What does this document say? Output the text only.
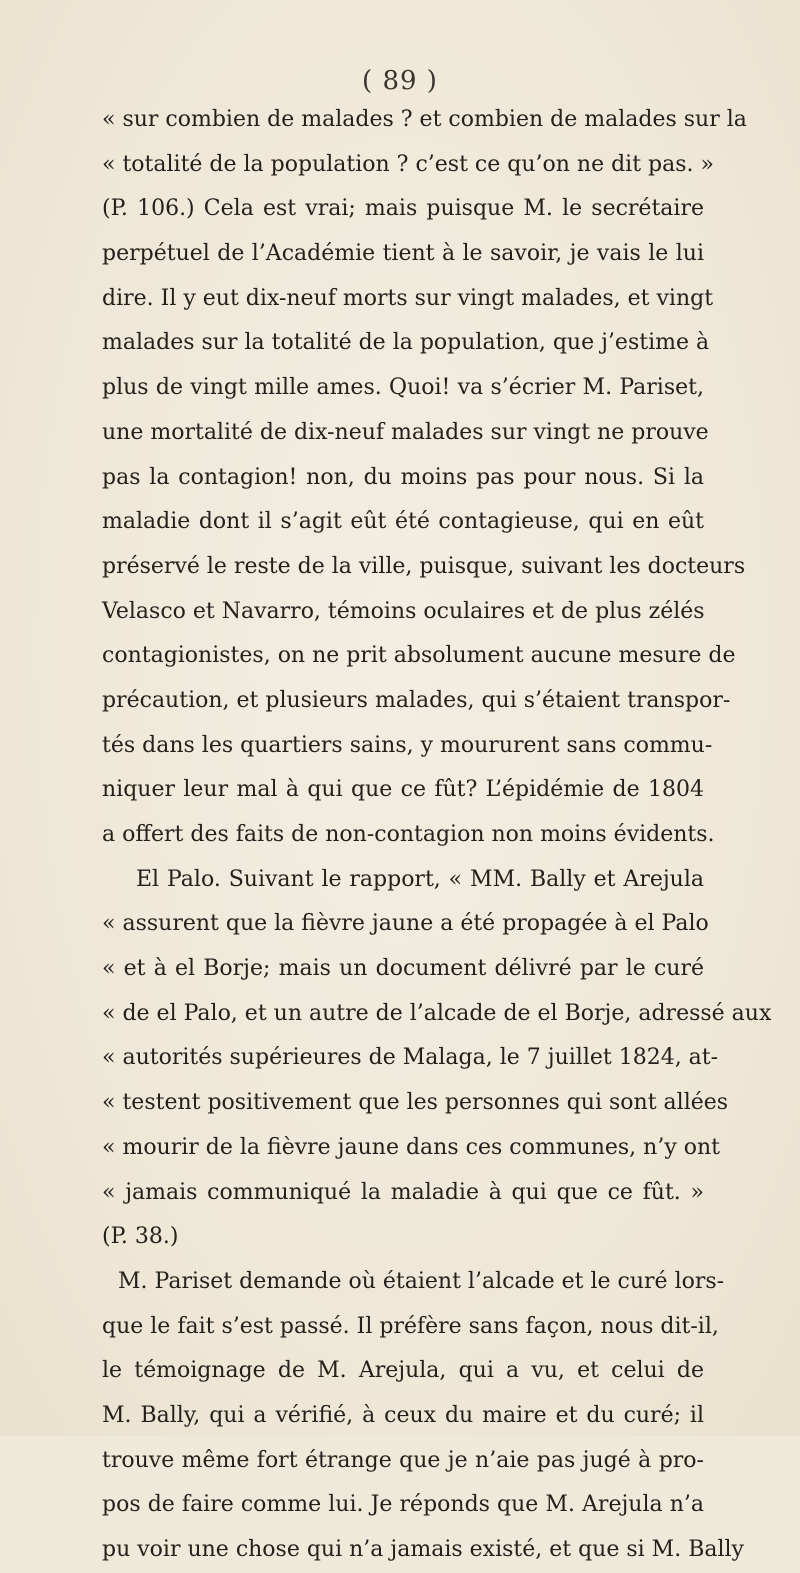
( 89 )
« sur combien de malades ? et combien de malades sur la
« totalité de la population ? c’est ce qu’on ne dit pas. »
(P. 106.) Cela est vrai; mais puisque M. le secrétaire
perpétuel de l’Académie tient à le savoir, je vais le lui
dire. Il y eut dix-neuf morts sur vingt malades, et vingt
malades sur la totalité de la population, que j’estime à
plus de vingt mille ames. Quoi! va s’écrier M. Pariset,
une mortalité de dix-neuf malades sur vingt ne prouve
pas la contagion! non, du moins pas pour nous. Si la
maladie dont il s’agit eût été contagieuse, qui en eût
préservé le reste de la ville, puisque, suivant les docteurs
Velasco et Navarro, témoins oculaires et de plus zélés
contagionistes, on ne prit absolument aucune mesure de
précaution, et plusieurs malades, qui s’étaient transpor-
tés dans les quartiers sains, y moururent sans commu-
niquer leur mal à qui que ce fût? L’épidémie de 1804
a offert des faits de non-contagion non moins évidents.
El Palo. Suivant le rapport, « MM. Bally et Arejula
« assurent que la fièvre jaune a été propagée à el Palo
« et à el Borje; mais un document délivré par le curé
« de el Palo, et un autre de l’alcade de el Borje, adressé aux
« autorités supérieures de Malaga, le 7 juillet 1824, at-
« testent positivement que les personnes qui sont allées
« mourir de la fièvre jaune dans ces communes, n’y ont
« jamais communiqué la maladie à qui que ce fût. »
(P. 38.)
M. Pariset demande où étaient l’alcade et le curé lors-
que le fait s’est passé. Il préfère sans façon, nous dit-il,
le témoignage de M. Arejula, qui a vu, et celui de
M. Bally, qui a vérifié, à ceux du maire et du curé; il
trouve même fort étrange que je n’aie pas jugé à pro-
pos de faire comme lui. Je réponds que M. Arejula n’a
pu voir une chose qui n’a jamais existé, et que si M. Bally
